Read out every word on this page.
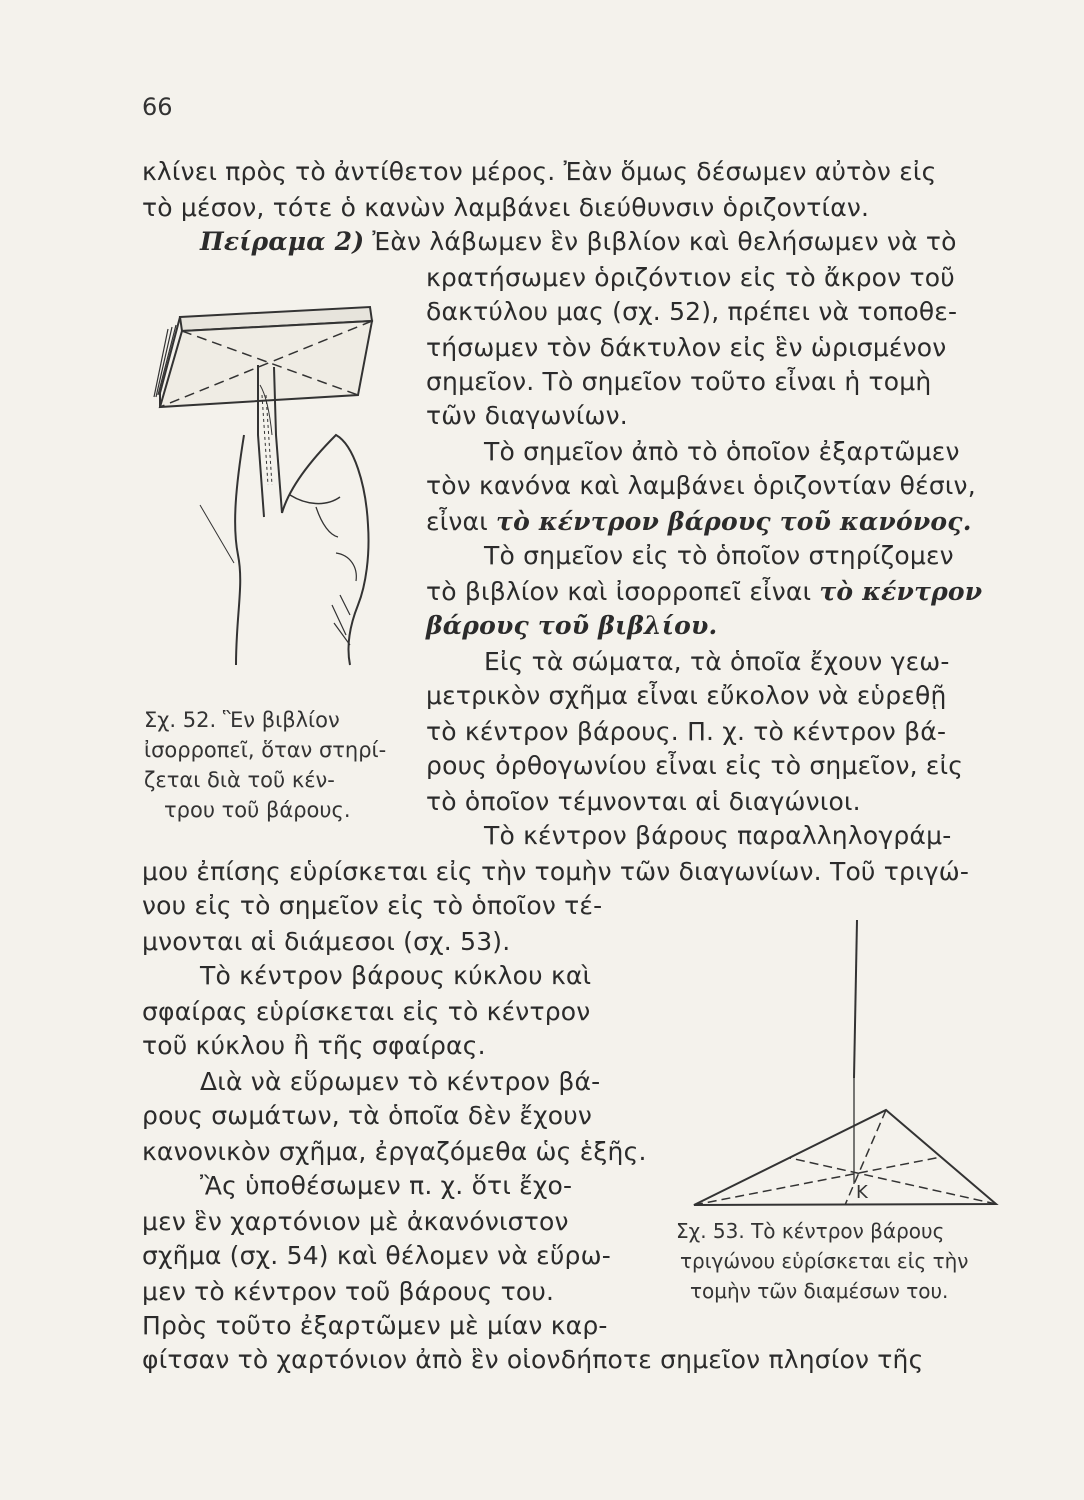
66
κλίνει πρὸς τὸ ἀντίθετον μέρος. Ἐὰν ὅμως δέσωμεν αὐτὸν εἰς
τὸ μέσον, τότε ὁ κανὼν λαμβάνει διεύθυνσιν ὁριζοντίαν.
Πείραμα 2) Ἐὰν λάβωμεν ἓν βιβλίον καὶ θελήσωμεν νὰ τὸ
κρατήσωμεν ὁριζόντιον εἰς τὸ ἄκρον τοῦ
δακτύλου μας (σχ. 52), πρέπει νὰ τοποθε-
τήσωμεν τὸν δάκτυλον εἰς ἓν ὡρισμένον
σημεῖον. Τὸ σημεῖον τοῦτο εἶναι ἡ τομὴ
τῶν διαγωνίων.
Τὸ σημεῖον ἀπὸ τὸ ὁποῖον ἐξαρτῶμεν
τὸν κανόνα καὶ λαμβάνει ὁριζοντίαν θέσιν,
εἶναι τὸ κέντρον βάρους τοῦ κανόνος.
Τὸ σημεῖον εἰς τὸ ὁποῖον στηρίζομεν
τὸ βιβλίον καὶ ἰσορροπεῖ εἶναι τὸ κέντρον
βάρους τοῦ βιβλίου.
Εἰς τὰ σώματα, τὰ ὁποῖα ἔχουν γεω-
μετρικὸν σχῆμα εἶναι εὔκολον νὰ εὑρεθῇ
τὸ κέντρον βάρους. Π. χ. τὸ κέντρον βά-
ρους ὀρθογωνίου εἶναι εἰς τὸ σημεῖον, εἰς
τὸ ὁποῖον τέμνονται αἱ διαγώνιοι.
Τὸ κέντρον βάρους παραλληλογράμ-
Σχ. 52. Ἓν βιβλίον
ἰσορροπεῖ, ὅταν στηρί-
ζεται διὰ τοῦ κέν-
τρου τοῦ βάρους.
μου ἐπίσης εὑρίσκεται εἰς τὴν τομὴν τῶν διαγωνίων. Τοῦ τριγώ-
νου εἰς τὸ σημεῖον εἰς τὸ ὁποῖον τέ-
μνονται αἱ διάμεσοι (σχ. 53).
Τὸ κέντρον βάρους κύκλου καὶ
σφαίρας εὑρίσκεται εἰς τὸ κέντρον
τοῦ κύκλου ἢ τῆς σφαίρας.
Διὰ νὰ εὕρωμεν τὸ κέντρον βά-
ρους σωμάτων, τὰ ὁποῖα δὲν ἔχουν
κανονικὸν σχῆμα, ἐργαζόμεθα ὡς ἑξῆς.
Ἂς ὑποθέσωμεν π. χ. ὅτι ἔχο-
μεν ἓν χαρτόνιον μὲ ἀκανόνιστον
σχῆμα (σχ. 54) καὶ θέλομεν νὰ εὕρω-
μεν τὸ κέντρον τοῦ βάρους του.
Πρὸς τοῦτο ἐξαρτῶμεν μὲ μίαν καρ-
φίτσαν τὸ χαρτόνιον ἀπὸ ἓν οἱονδήποτε σημεῖον πλησίον τῆς
Σχ. 53. Τὸ κέντρον βάρους
τριγώνου εὑρίσκεται εἰς τὴν
τομὴν τῶν διαμέσων του.
K
